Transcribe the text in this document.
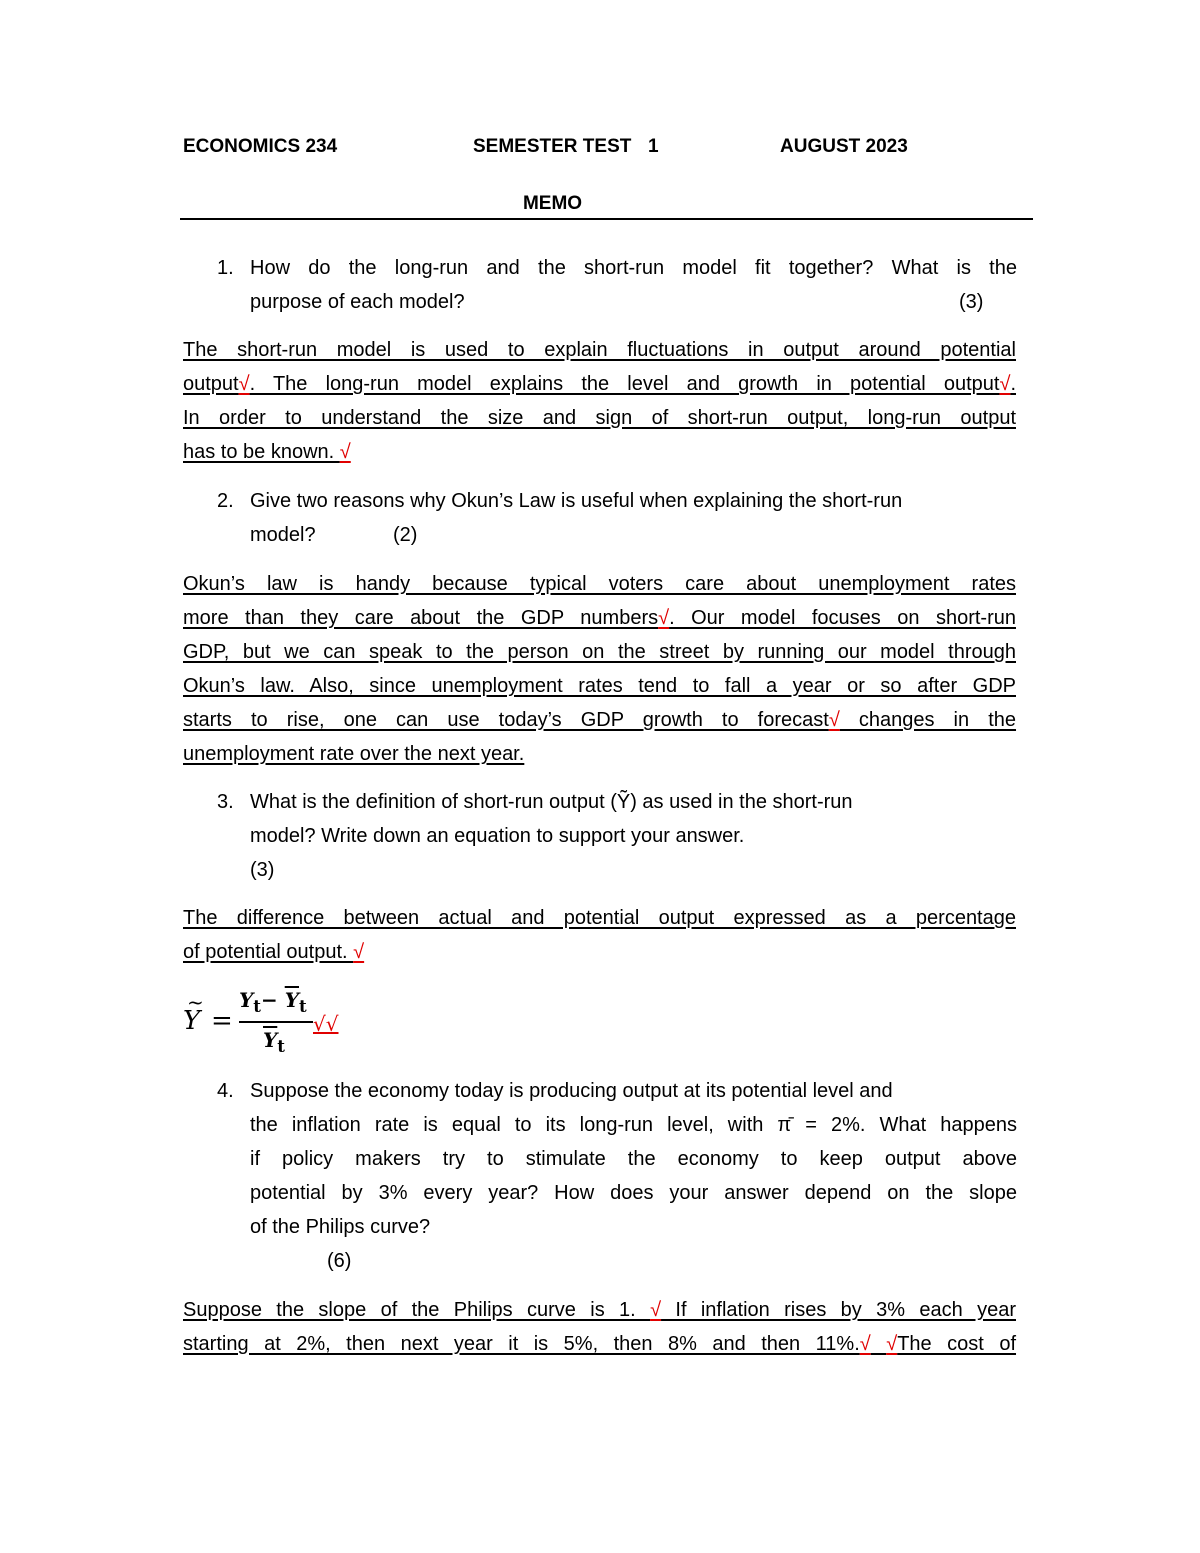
ECONOMICS 234	SEMESTER TEST 1	AUGUST 2023
MEMO
1. How do the long-run and the short-run model fit together? What is the
purpose of each model?	(3)
2. Give two reasons why Okun’s Law is useful when explaining the short-run
model?	(2)
3. What is the definition of short-run output (Ỹ) as used in the short-run
model? Write down an equation to support your answer.
(3)
4. Suppose the economy today is producing output at its potential level and
the inflation rate is equal to its long-run level, with π̄ = 2%. What happens
if policy makers try to stimulate the economy to keep output above
potential by 3% every year? How does your answer depend on the slope
of the Philips curve?
(6)
The short-run model is used to explain fluctuations in output around potential
output√. The long-run model explains the level and growth in potential output√.
In order to understand the size and sign of short-run output, long-run output
has to be known. √
Okun’s law is handy because typical voters care about unemployment rates
more than they care about the GDP numbers√. Our model focuses on short-run
GDP, but we can speak to the person on the street by running our model through
Okun’s law. Also, since unemployment rates tend to fall a year or so after GDP
starts to rise, one can use today’s GDP growth to forecast√ changes in the
unemployment rate over the next year.
The difference between actual and potential output expressed as a percentage
of potential output. √
Suppose the slope of the Philips curve is 1. √ If inflation rises by 3% each year
starting at 2%, then next year it is 5%, then 8% and then 11%.√ √The cost of
~
Y =
$Y_t- \overline{Y}_t$
$\overline{Y}_t$
√√
